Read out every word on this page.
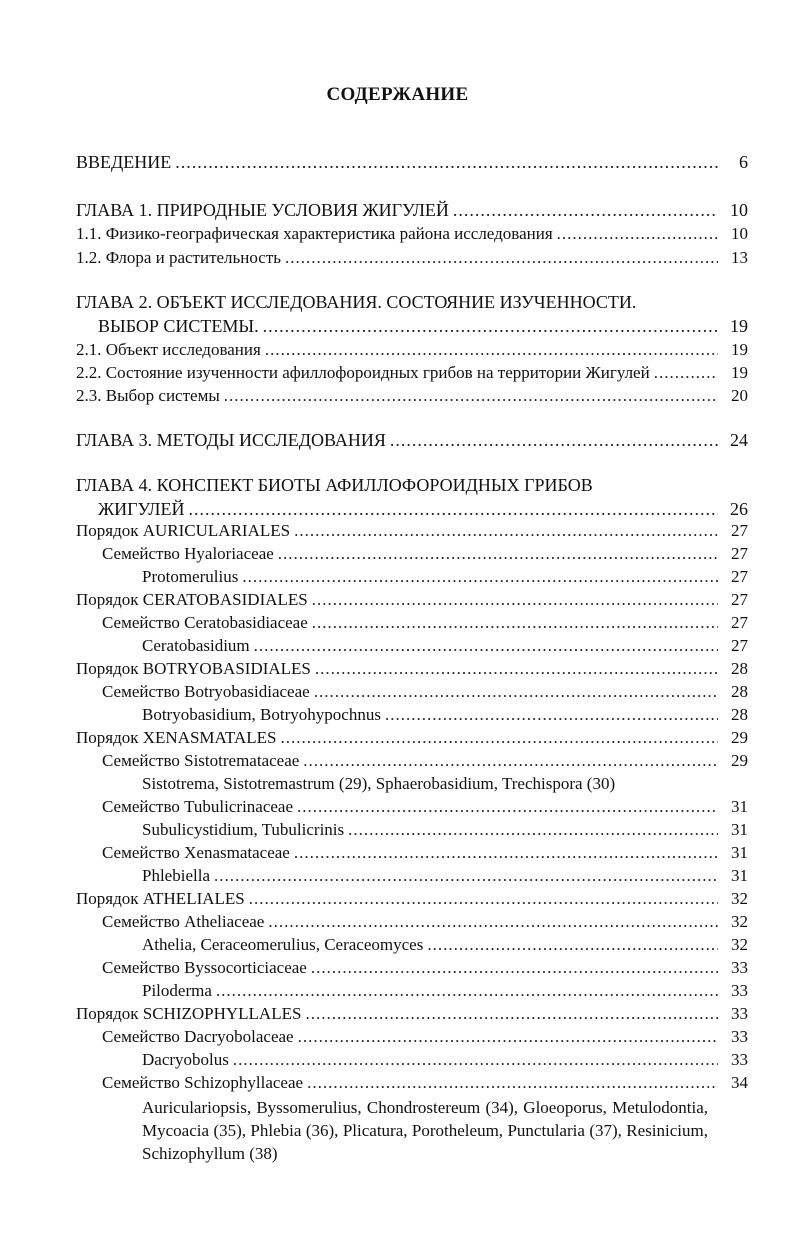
СОДЕРЖАНИЕ
ВВЕДЕНИЕ .....	6
ГЛАВА 1. ПРИРОДНЫЕ УСЛОВИЯ ЖИГУЛЕЙ .....	10
1.1. Физико-географическая характеристика района исследования .....	10
1.2. Флора и растительность .....	13
ГЛАВА 2. ОБЪЕКТ ИССЛЕДОВАНИЯ. СОСТОЯНИЕ ИЗУЧЕННОСТИ.
ВЫБОР СИСТЕМЫ. .....	19
2.1. Объект исследования .....	19
2.2. Состояние изученности афиллофороидных грибов на территории Жигулей .....	19
2.3. Выбор системы .....	20
ГЛАВА 3. МЕТОДЫ ИССЛЕДОВАНИЯ .....	24
ГЛАВА 4. КОНСПЕКТ БИОТЫ АФИЛЛОФОРОИДНЫХ ГРИБОВ
ЖИГУЛЕЙ .....	26
Порядок AURICULARIALES .....	27
Семейство Hyaloriaceae .....	27
Protomerulius .....	27
Порядок CERATOBASIDIALES .....	27
Семейство Ceratobasidiaceae .....	27
Ceratobasidium .....	27
Порядок BOTRYOBASIDIALES .....	28
Семейство Botryobasidiaceae .....	28
Botryobasidium, Botryohypochnus .....	28
Порядок XENASMATALES .....	29
Семейство Sistotremataceae .....	29
Sistotrema, Sistotremastrum (29), Sphaerobasidium, Trechispora (30)
Семейство Tubulicrinaceae .....	31
Subulicystidium, Tubulicrinis .....	31
Семейство Xenasmataceae .....	31
Phlebiella .....	31
Порядок ATHELIALES .....	32
Семейство Atheliaceae .....	32
Athelia, Ceraceomerulius, Ceraceomyces .....	32
Семейство Byssocorticiaceae .....	33
Piloderma .....	33
Порядок SCHIZOPHYLLALES .....	33
Семейство Dacryobolaceae .....	33
Dacryobolus .....	33
Семейство Schizophyllaceae .....	34
Auriculariopsis, Byssomerulius, Chondrostereum (34), Gloeoporus, Metulodontia, Mycoacia (35), Phlebia (36), Plicatura, Porotheleum, Punctularia (37), Resinicium, Schizophyllum (38)
